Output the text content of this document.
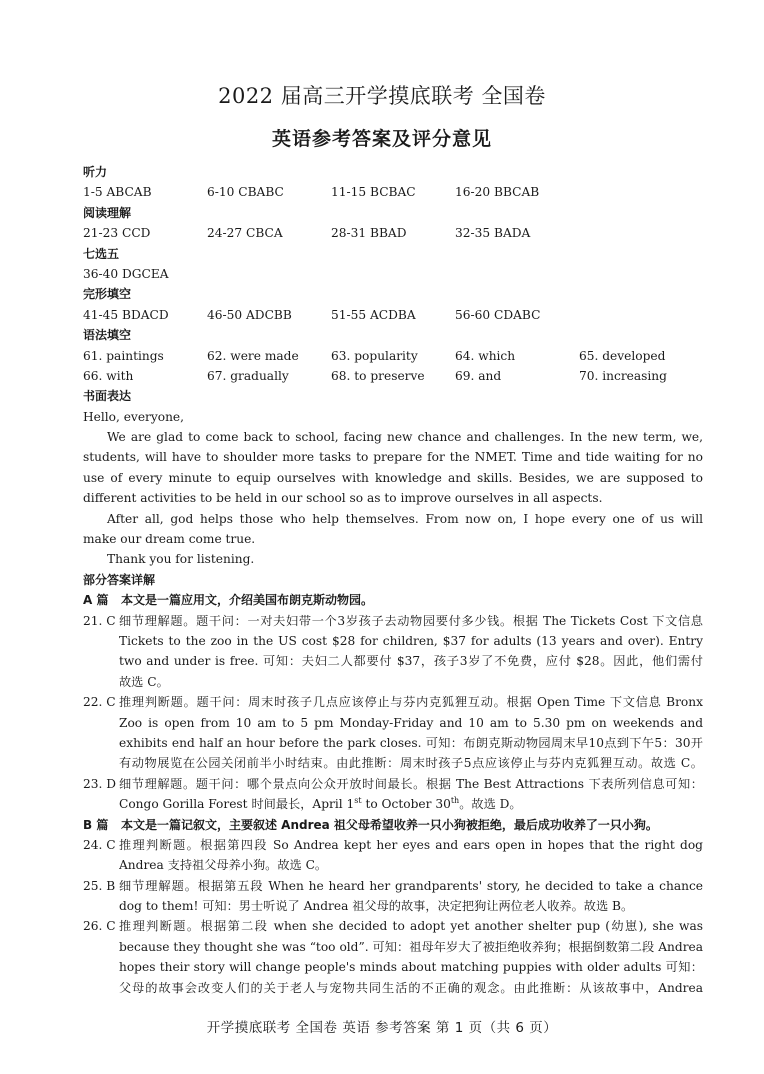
2022 届高三开学摸底联考 全国卷
英语参考答案及评分意见
听力
1-5 ABCAB	6-10 CBABC	11-15 BCBAC	16-20 BBCAB
阅读理解
21-23 CCD	24-27 CBCA	28-31 BBAD	32-35 BADA
七选五
36-40 DGCEA
完形填空
41-45 BDACD	46-50 ADCBB	51-55 ACDBA	56-60 CDABC
语法填空
61. paintings	62. were made	63. popularity	64. which	65. developed
66. with	67. gradually	68. to preserve 69. and	70. increasing
书面表达
Hello, everyone,
We are glad to come back to school, facing new chance and challenges. In the new term, we,
students, will have to shoulder more tasks to prepare for the NMET. Time and tide waiting for no
use of every minute to equip ourselves with knowledge and skills. Besides, we are supposed to
different activities to be held in our school so as to improve ourselves in all aspects.
After all, god helps those who help themselves. From now on, I hope every one of us will
make our dream come true.
Thank you for listening.
部分答案详解
A 篇 本文是一篇应用文，介绍美国布朗克斯动物园。
21. C 细节理解题。题干问：一对夫妇带一个3岁孩子去动物园要付多少钱。根据 The Tickets Cost 下文信息
Tickets to the zoo in the US cost $28 for children, $37 for adults (13 years and over). Entry
two and under is free. 可知：夫妇二人都要付 $37，孩子3岁了不免费，应付 $28。因此，他们需付
故选 C。
22. C 推理判断题。题干问：周末时孩子几点应该停止与芬内克狐狸互动。根据 Open Time 下文信息 Bronx
Zoo is open from 10 am to 5 pm Monday-Friday and 10 am to 5.30 pm on weekends and
exhibits end half an hour before the park closes. 可知：布朗克斯动物园周末早10点到下午5：30开
有动物展览在公园关闭前半小时结束。由此推断：周末时孩子5点应该停止与芬内克狐狸互动。故选 C。
23. D 细节理解题。题干问：哪个景点向公众开放时间最长。根据 The Best Attractions 下表所列信息可知：
Congo Gorilla Forest 时间最长，April 1st to October 30th。故选 D。
B 篇 本文是一篇记叙文，主要叙述 Andrea 祖父母希望收养一只小狗被拒绝，最后成功收养了一只小狗。
24. C 推理判断题。根据第四段 So Andrea kept her eyes and ears open in hopes that the right dog
Andrea 支持祖父母养小狗。故选 C。
25. B 细节理解题。根据第五段 When he heard her grandparents' story, he decided to take a chance
dog to them! 可知：男士听说了 Andrea 祖父母的故事，决定把狗让两位老人收养。故选 B。
26. C 推理判断题。根据第二段 when she decided to adopt yet another shelter pup (幼崽), she was
because they thought she was “too old”. 可知：祖母年岁大了被拒绝收养狗；根据倒数第二段 Andrea
hopes their story will change people's minds about matching puppies with older adults 可知：
父母的故事会改变人们的关于老人与宠物共同生活的不正确的观念。由此推断：从该故事中，Andrea
开学摸底联考 全国卷 英语 参考答案 第 1 页（共 6 页）
